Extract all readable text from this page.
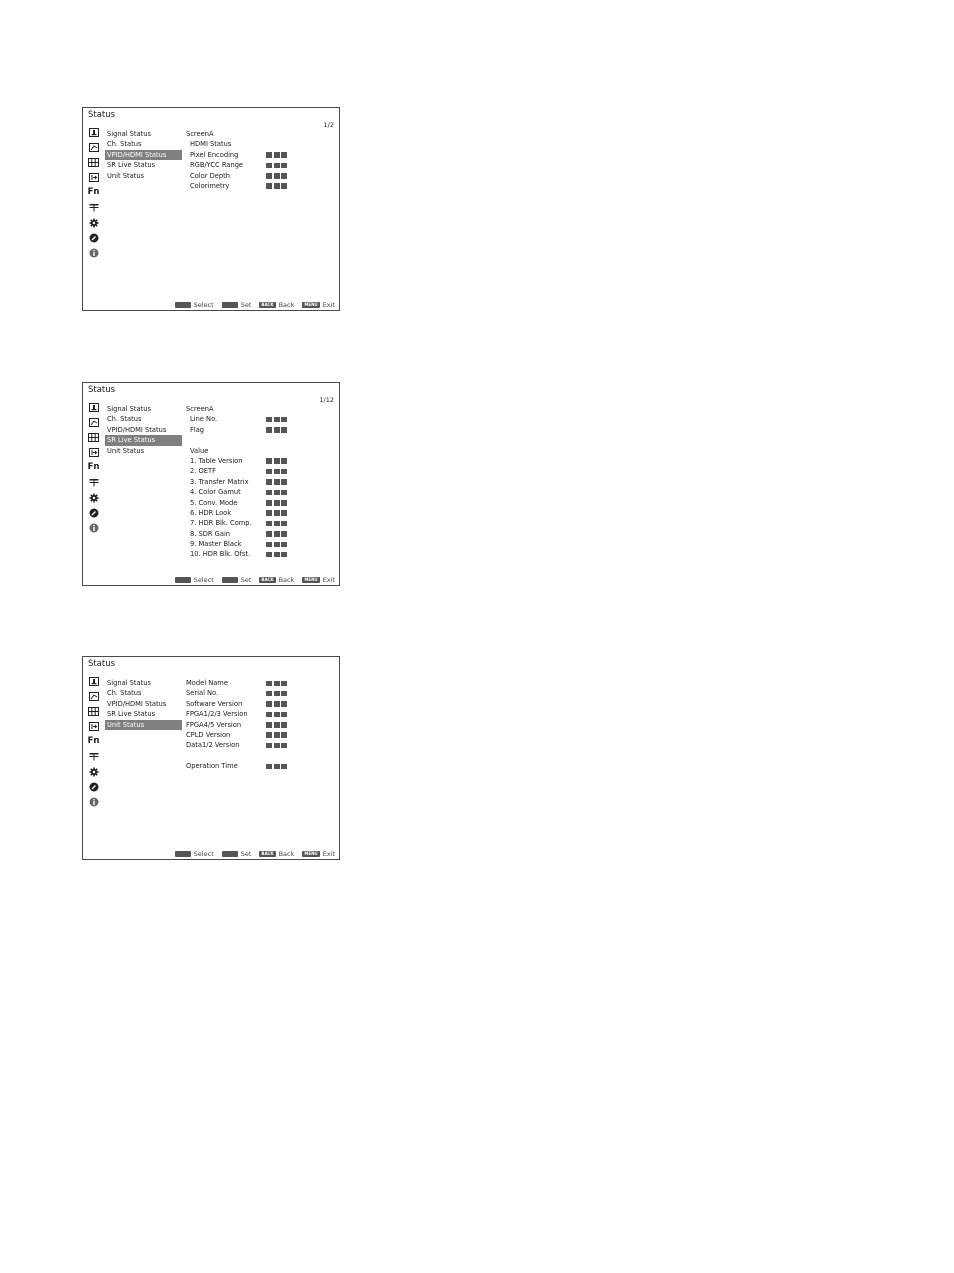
Status
1/2
Fn
Signal Status
Ch. Status
VPID/HDMI Status
SR Live Status
Unit Status
ScreenA
HDMI Status
Pixel Encoding
RGB/YCC Range
Color Depth
Colorimetry
Select	Set	BACK Back	MENU Exit
Status
1/12
Fn
Signal Status
Ch. Status
VPID/HDMI Status
SR Live Status
Unit Status
ScreenA
Line No.
Flag
Value
1. Table Version
2. OETF
3. Transfer Matrix
4. Color Gamut
5. Conv. Mode
6. HDR Look
7. HDR Blk. Comp.
8. SDR Gain
9. Master Black
10. HDR Blk. Ofst.
Select	Set	BACK Back	MENU Exit
Status
Fn
Signal Status
Ch. Status
VPID/HDMI Status
SR Live Status
Unit Status
Model Name
Serial No.
Software Version
FPGA1/2/3 Version
FPGA4/5 Version
CPLD Version
Data1/2 Version
Operation Time
Select	Set	BACK Back	MENU Exit
